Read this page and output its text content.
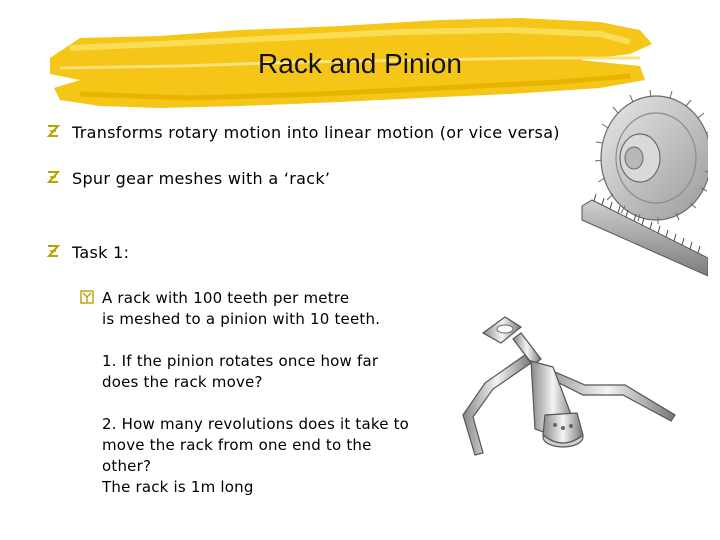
Rack and Pinion
Transforms rotary motion into linear motion (or vice versa)
Spur gear meshes with a ‘rack’
Task 1:
A rack with 100 teeth per metre
is meshed to a pinion with 10 teeth.
1. If the pinion rotates once how far
does the rack move?
2. How many revolutions does it take to
move the rack from one end to the other?
The rack is 1m long
